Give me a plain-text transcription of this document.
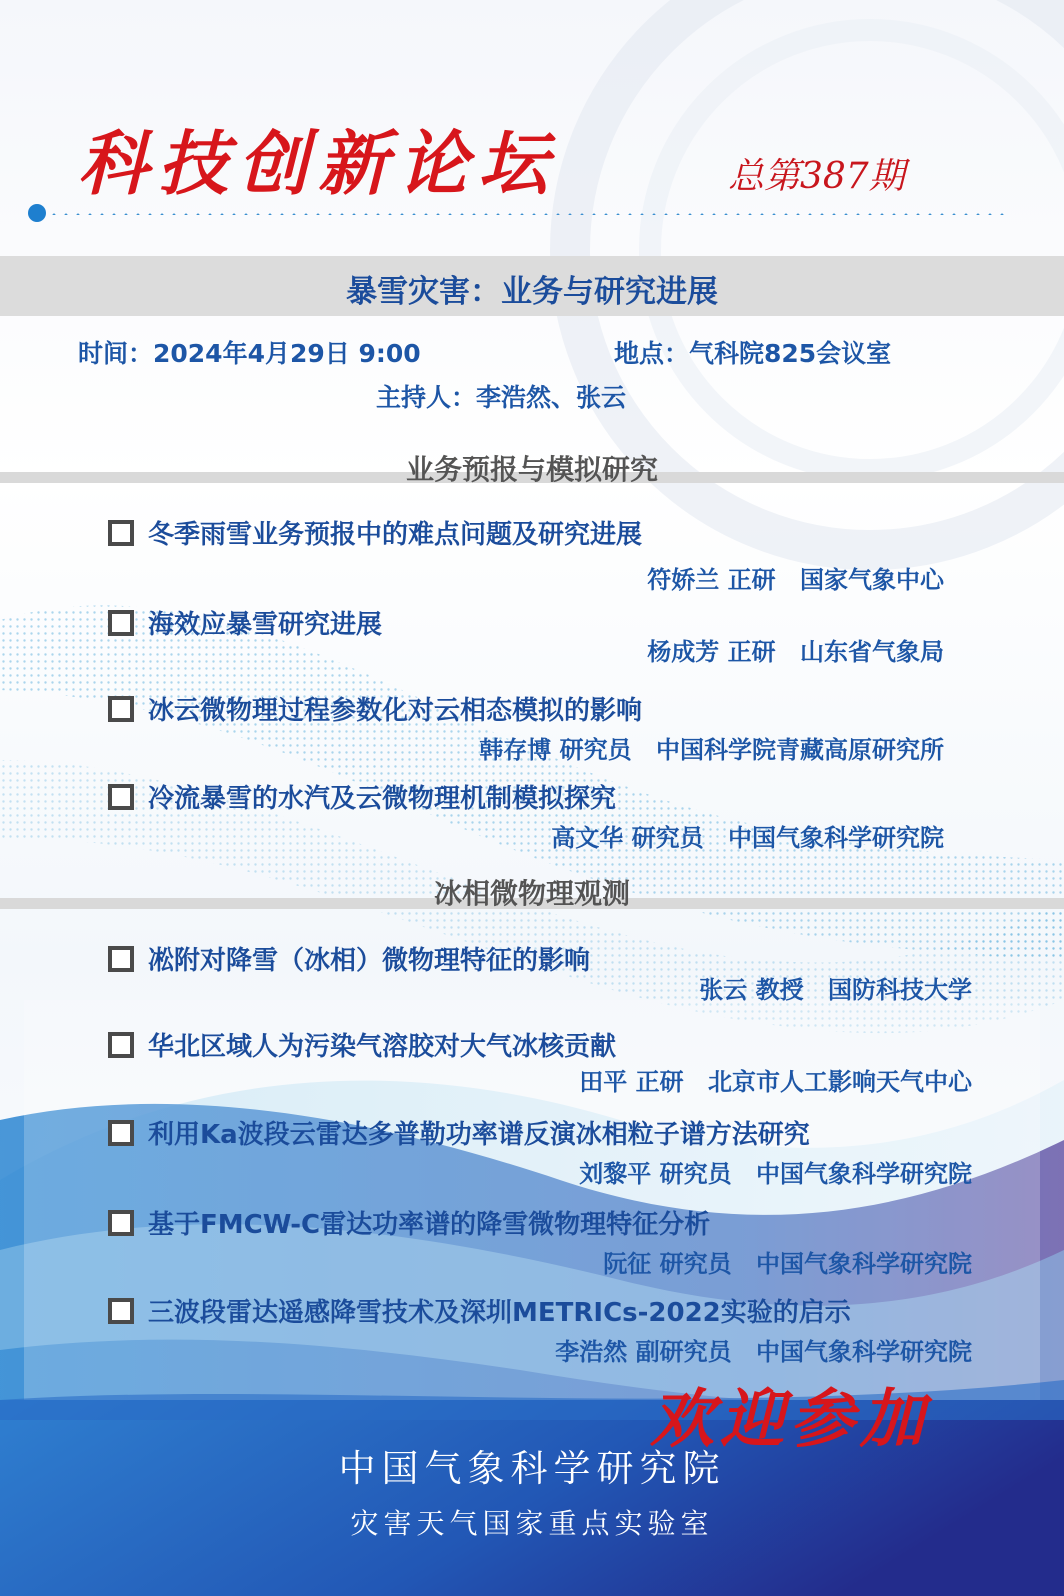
科技创新论坛	总第387期
暴雪灾害：业务与研究进展
时间：2024年4月29日 9:00	地点：气科院825会议室
主持人：李浩然、张云
业务预报与模拟研究
冬季雨雪业务预报中的难点问题及研究进展
符娇兰 正研 国家气象中心
海效应暴雪研究进展
杨成芳 正研 山东省气象局
冰云微物理过程参数化对云相态模拟的影响
韩存博 研究员 中国科学院青藏高原研究所
冷流暴雪的水汽及云微物理机制模拟探究
高文华 研究员 中国气象科学研究院
冰相微物理观测
凇附对降雪（冰相）微物理特征的影响
张云 教授 国防科技大学
华北区域人为污染气溶胶对大气冰核贡献
田平 正研 北京市人工影响天气中心
利用Ka波段云雷达多普勒功率谱反演冰相粒子谱方法研究
刘黎平 研究员 中国气象科学研究院
基于FMCW-C雷达功率谱的降雪微物理特征分析
阮征 研究员 中国气象科学研究院
三波段雷达遥感降雪技术及深圳METRICs-2022实验的启示
李浩然 副研究员 中国气象科学研究院
欢迎参加
中国气象科学研究院
灾害天气国家重点实验室
